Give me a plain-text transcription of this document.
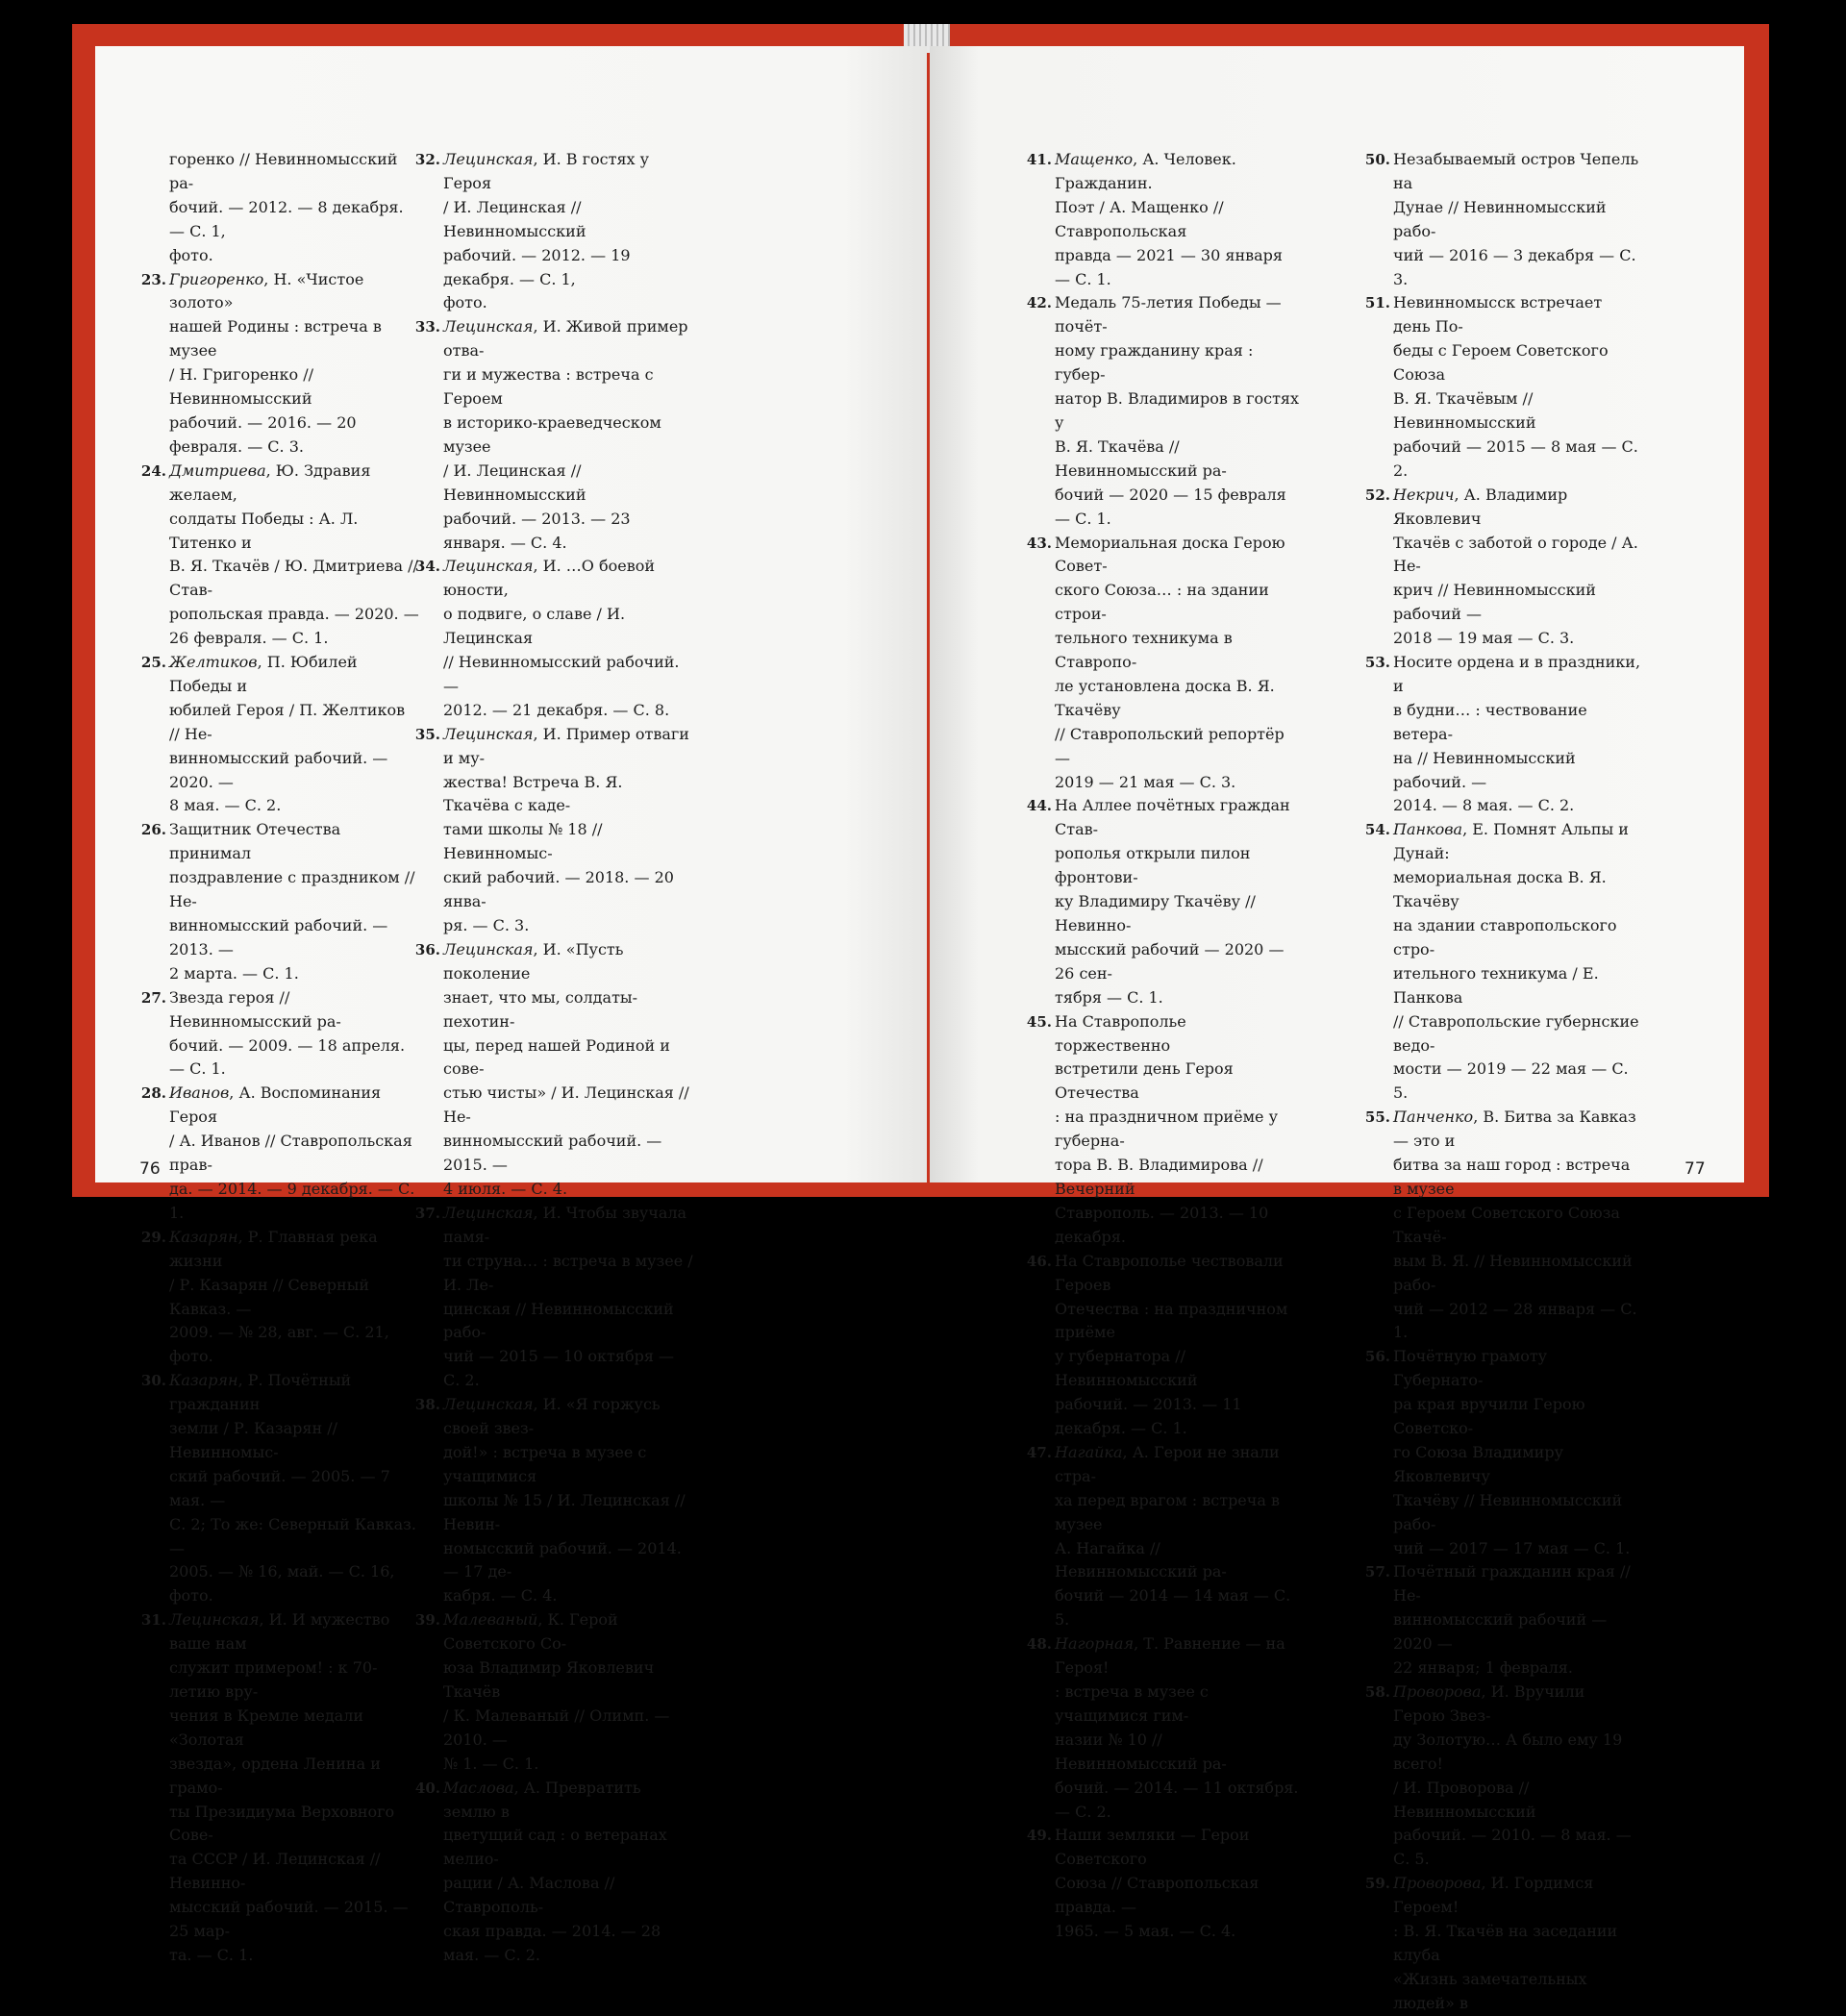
горенко // Невинномысский ра-
бочий. — 2012. — 8 декабря. — С. 1,
фото.
23. Григоренко, Н. «Чистое золото»
нашей Родины : встреча в музее
/ Н. Григоренко // Невинномысский
рабочий. — 2016. — 20 февраля. — С. 3.
24. Дмитриева, Ю. Здравия желаем,
солдаты Победы : А. Л. Титенко и
В. Я. Ткачёв / Ю. Дмитриева // Став-
ропольская правда. — 2020. —
26 февраля. — С. 1.
25. Желтиков, П. Юбилей Победы и
юбилей Героя / П. Желтиков // Не-
винномысский рабочий. — 2020. —
8 мая. — С. 2.
26. Защитник Отечества принимал
поздравление с праздником // Не-
винномысский рабочий. — 2013. —
2 марта. — С. 1.
27. Звезда героя // Невинномысский ра-
бочий. — 2009. — 18 апреля. — С. 1.
28. Иванов, А. Воспоминания Героя
/ А. Иванов // Ставропольская прав-
да. — 2014. — 9 декабря. — С. 1.
29. Казарян, Р. Главная река жизни
/ Р. Казарян // Северный Кавказ. —
2009. — № 28, авг. — С. 21, фото.
30. Казарян, Р. Почётный гражданин
земли / Р. Казарян // Невинномыс-
ский рабочий. — 2005. — 7 мая. —
С. 2; То же: Северный Кавказ. —
2005. — № 16, май. — С. 16, фото.
31. Лецинская, И. И мужество ваше нам
служит примером! : к 70-летию вру-
чения в Кремле медали «Золотая
звезда», ордена Ленина и грамо-
ты Президиума Верховного Сове-
та СССР / И. Лецинская // Невинно-
мысский рабочий. — 2015. — 25 мар-
та. — С. 1.
32. Лецинская, И. В гостях у Героя
/ И. Лецинская // Невинномысский
рабочий. — 2012. — 19 декабря. — С. 1,
фото.
33. Лецинская, И. Живой пример отва-
ги и мужества : встреча с Героем
в историко-краеведческом музее
/ И. Лецинская // Невинномысский
рабочий. — 2013. — 23 января. — С. 4.
34. Лецинская, И. …О боевой юности,
о подвиге, о славе / И. Лецинская
// Невинномысский рабочий. —
2012. — 21 декабря. — С. 8.
35. Лецинская, И. Пример отваги и му-
жества! Встреча В. Я. Ткачёва с каде-
тами школы № 18 // Невинномыс-
ский рабочий. — 2018. — 20 янва-
ря. — С. 3.
36. Лецинская, И. «Пусть поколение
знает, что мы, солдаты-пехотин-
цы, перед нашей Родиной и сове-
стью чисты» / И. Лецинская // Не-
винномысский рабочий. — 2015. —
4 июля. — С. 4.
37. Лецинская, И. Чтобы звучала памя-
ти струна… : встреча в музее / И. Ле-
цинская // Невинномысский рабо-
чий — 2015 — 10 октября — С. 2.
38. Лецинская, И. «Я горжусь своей звез-
дой!» : встреча в музее с учащимися
школы № 15 / И. Лецинская // Невин-
номысский рабочий. — 2014. — 17 де-
кабря. — С. 4.
39. Малеваный, К. Герой Советского Со-
юза Владимир Яковлевич Ткачёв
/ К. Малеваный // Олимп. — 2010. —
№ 1. — С. 1.
40. Маслова, А. Превратить землю в
цветущий сад : о ветеранах мелио-
рации / А. Маслова // Ставрополь-
ская правда. — 2014. — 28 мая. — С. 2.
76
41. Мащенко, А. Человек. Гражданин.
Поэт / А. Мащенко // Ставропольская
правда — 2021 — 30 января — С. 1.
42. Медаль 75-летия Победы — почёт-
ному гражданину края : губер-
натор В. Владимиров в гостях у
В. Я. Ткачёва // Невинномысский ра-
бочий — 2020 — 15 февраля — С. 1.
43. Мемориальная доска Герою Совет-
ского Союза… : на здании строи-
тельного техникума в Ставропо-
ле установлена доска В. Я. Ткачёву
// Ставропольский репортёр —
2019 — 21 мая — С. 3.
44. На Аллее почётных граждан Став-
рополья открыли пилон фронтови-
ку Владимиру Ткачёву // Невинно-
мысский рабочий — 2020 — 26 сен-
тября — С. 1.
45. На Ставрополье торжественно
встретили день Героя Отечества
: на праздничном приёме у губерна-
тора В. В. Владимирова // Вечерний
Ставрополь. — 2013. — 10 декабря.
46. На Ставрополье чествовали Героев
Отечества : на праздничном приёме
у губернатора // Невинномысский
рабочий. — 2013. — 11 декабря. — С. 1.
47. Нагайка, А. Герои не знали стра-
ха перед врагом : встреча в музее
А. Нагайка // Невинномысский ра-
бочий — 2014 — 14 мая — С. 5.
48. Нагорная, Т. Равнение — на Героя!
: встреча в музее с учащимися гим-
назии № 10 // Невинномысский ра-
бочий. — 2014. — 11 октября. — С. 2.
49. Наши земляки — Герои Советского
Союза // Ставропольская правда. —
1965. — 5 мая. — С. 4.
50. Незабываемый остров Чепель на
Дунае // Невинномысский рабо-
чий — 2016 — 3 декабря — С. 3.
51. Невинномысск встречает день По-
беды с Героем Советского Союза
В. Я. Ткачёвым // Невинномысский
рабочий — 2015 — 8 мая — С. 2.
52. Некрич, А. Владимир Яковлевич
Ткачёв с заботой о городе / А. Не-
крич // Невинномысский рабочий —
2018 — 19 мая — С. 3.
53. Носите ордена и в праздники, и
в будни… : чествование ветера-
на // Невинномысский рабочий. —
2014. — 8 мая. — С. 2.
54. Панкова, Е. Помнят Альпы и Дунай:
мемориальная доска В. Я. Ткачёву
на здании ставропольского стро-
ительного техникума / Е. Панкова
// Ставропольские губернские ведо-
мости — 2019 — 22 мая — С. 5.
55. Панченко, В. Битва за Кавказ — это и
битва за наш город : встреча в музее
с Героем Советского Союза Ткачё-
вым В. Я. // Невинномысский рабо-
чий — 2012 — 28 января — С. 1.
56. Почётную грамоту Губернато-
ра края вручили Герою Советско-
го Союза Владимиру Яковлевичу
Ткачёву // Невинномысский рабо-
чий — 2017 — 17 мая — С. 1.
57. Почётный гражданин края // Не-
винномысский рабочий — 2020 —
22 января; 1 февраля.
58. Проворова, И. Вручили Герою Звез-
ду Золотую… А было ему 19 всего!
/ И. Проворова // Невинномысский
рабочий. — 2010. — 8 мая. — С. 5.
59. Проворова, И. Гордимся Героем!
: В. Я. Ткачёв на заседании клуба
«Жизнь замечательных людей» в
77
